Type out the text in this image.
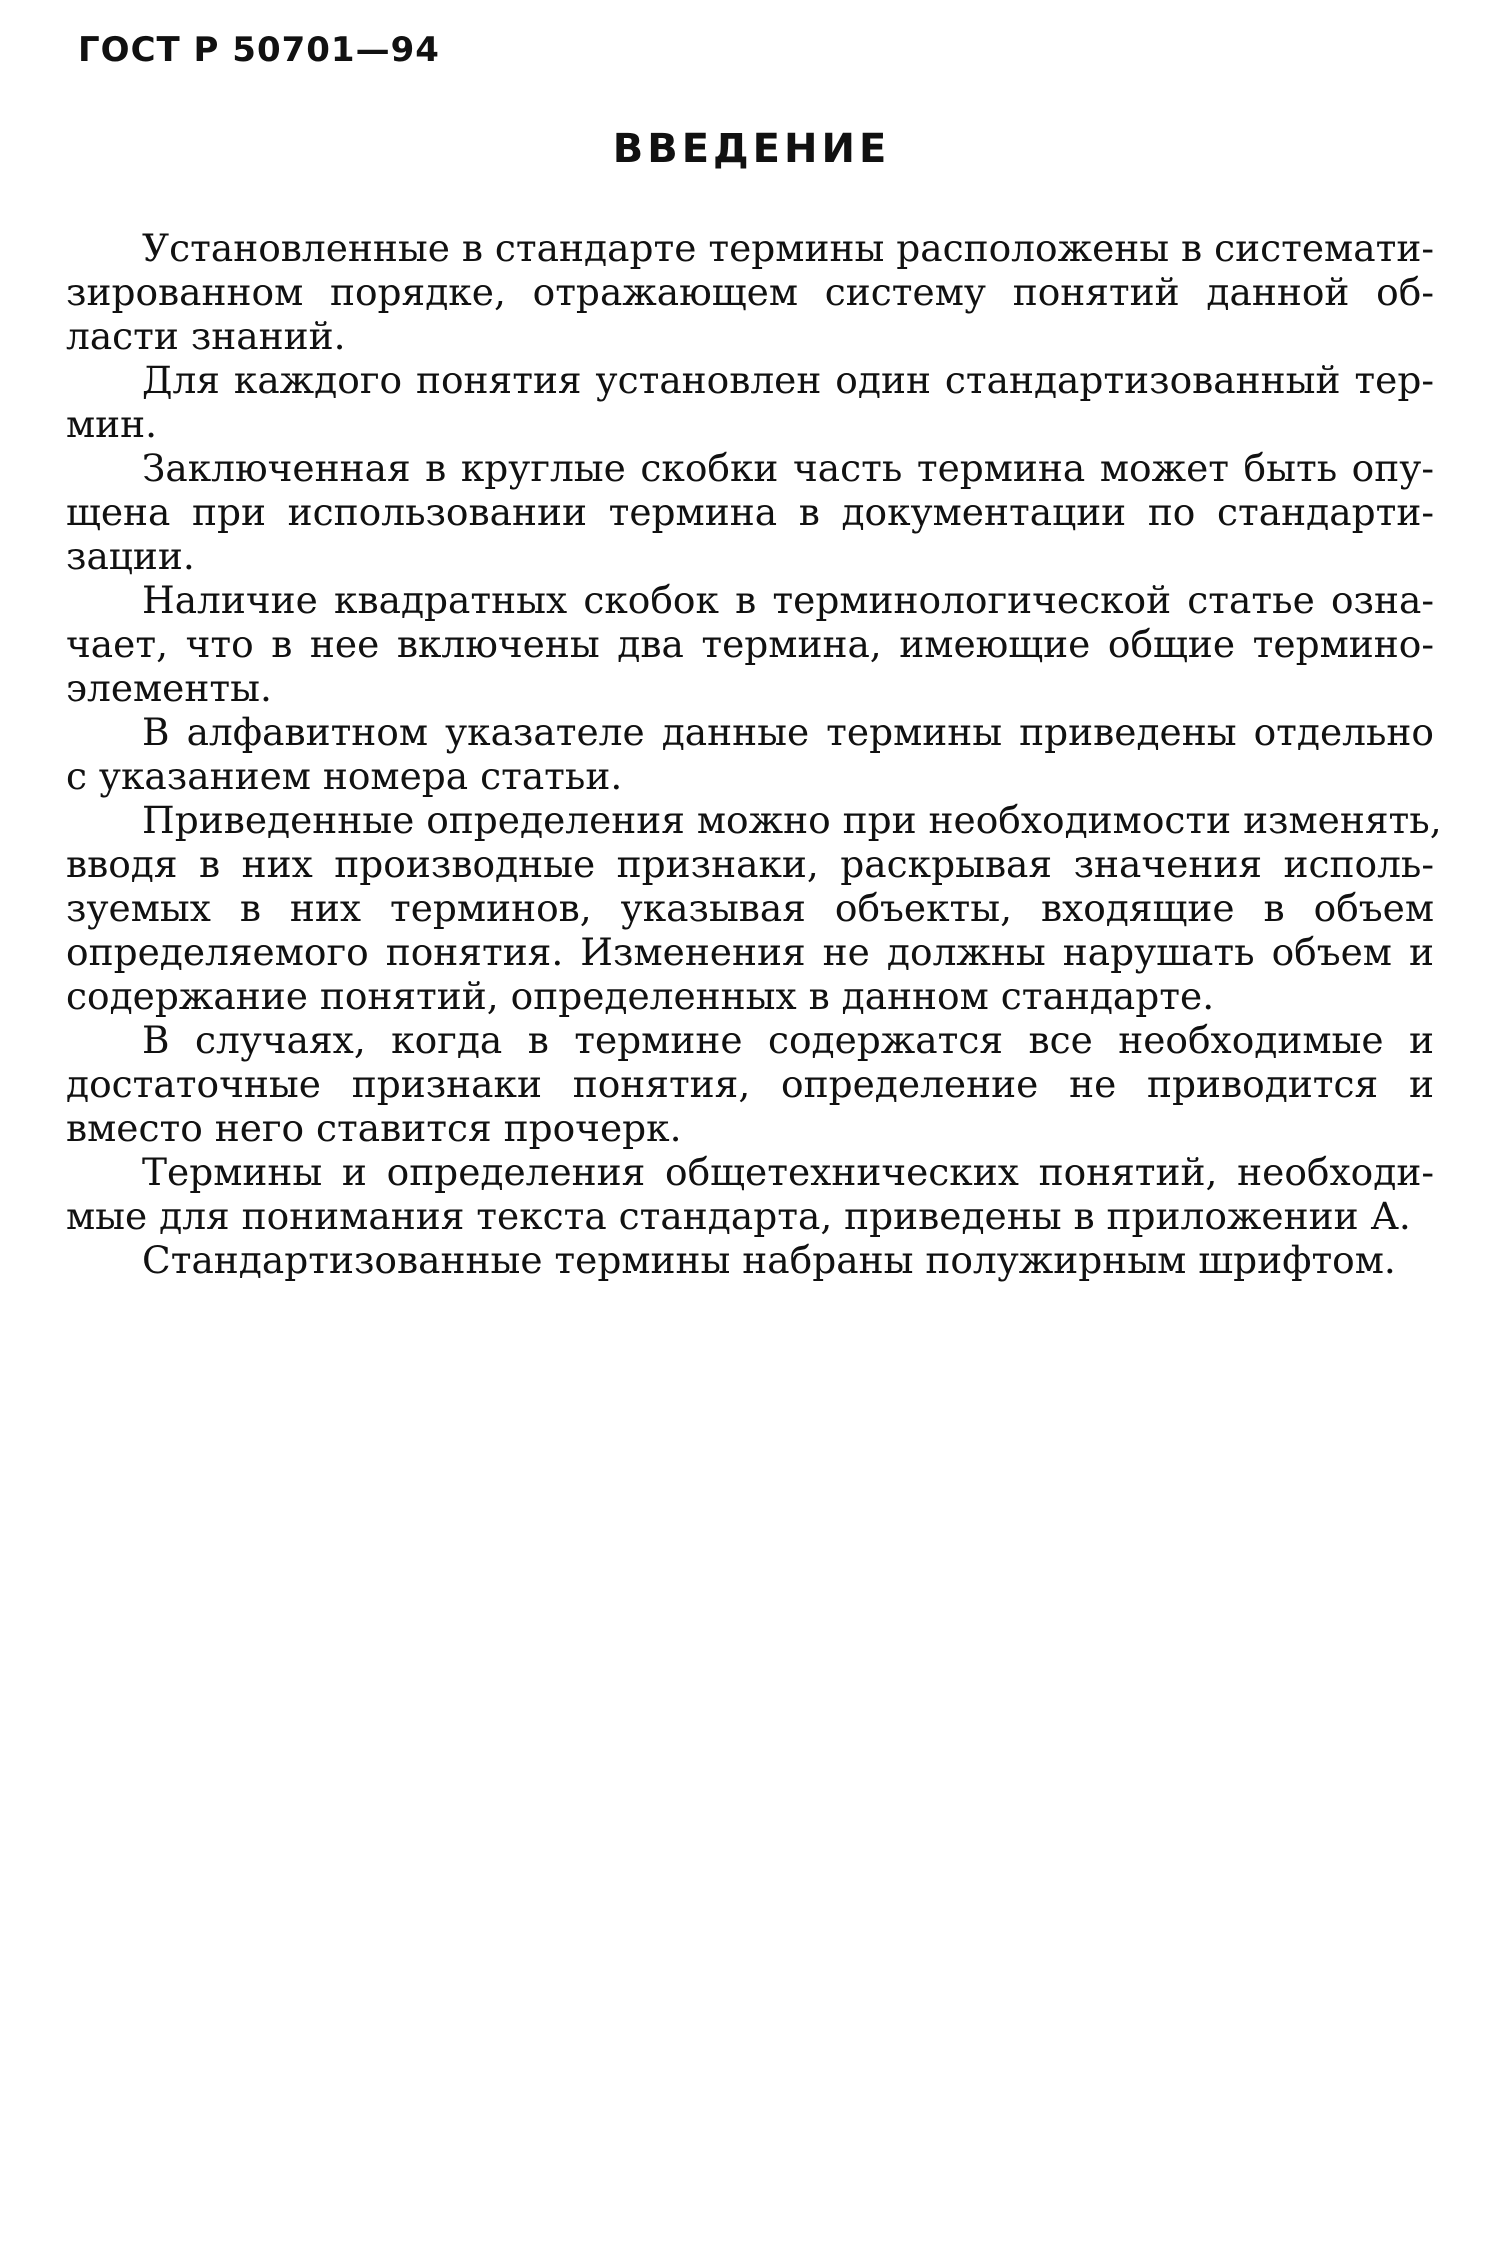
ГОСТ Р 50701—94
ВВЕДЕНИЕ
Установленные в стандарте термины расположены в системати-
зированном порядке, отражающем систему понятий данной об-
ласти знаний.
Для каждого понятия установлен один стандартизованный тер-
мин.
Заключенная в круглые скобки часть термина может быть опу-
щена при использовании термина в документации по стандарти-
зации.
Наличие квадратных скобок в терминологической статье озна-
чает, что в нее включены два термина, имеющие общие термино-
элементы.
В алфавитном указателе данные термины приведены отдельно
с указанием номера статьи.
Приведенные определения можно при необходимости изменять,
вводя в них производные признаки, раскрывая значения исполь-
зуемых в них терминов, указывая объекты, входящие в объем
определяемого понятия. Изменения не должны нарушать объем и
содержание понятий, определенных в данном стандарте.
В случаях, когда в термине содержатся все необходимые и
достаточные признаки понятия, определение не приводится и
вместо него ставится прочерк.
Термины и определения общетехнических понятий, необходи-
мые для понимания текста стандарта, приведены в приложении А.
Стандартизованные термины набраны полужирным шрифтом.
